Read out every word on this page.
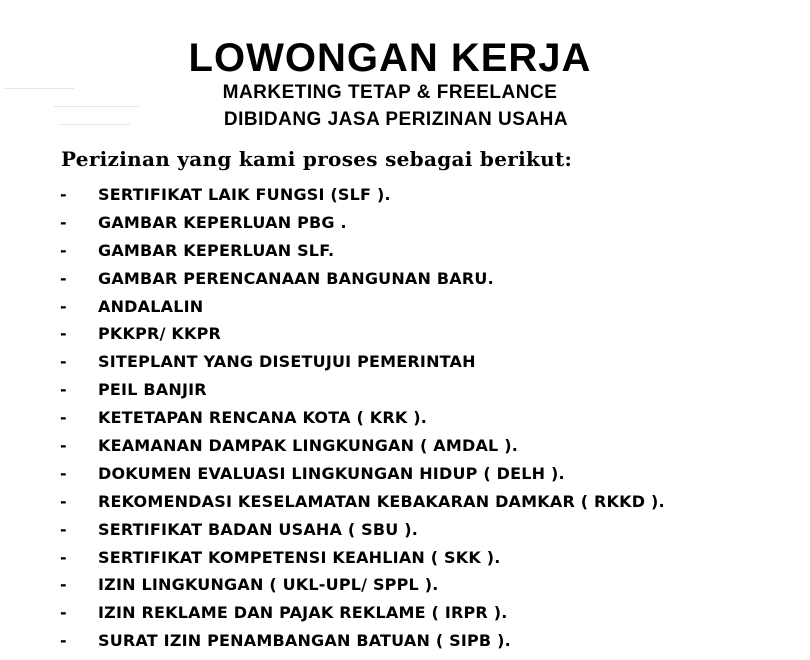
LOWONGAN KERJA
MARKETING TETAP & FREELANCE
DIBIDANG JASA PERIZINAN USAHA
Perizinan yang kami proses sebagai berikut:
- SERTIFIKAT LAIK FUNGSI (SLF ).
- GAMBAR KEPERLUAN PBG .
- GAMBAR KEPERLUAN SLF.
- GAMBAR PERENCANAAN BANGUNAN BARU.
- ANDALALIN
- PKKPR/ KKPR
- SITEPLANT YANG DISETUJUI PEMERINTAH
- PEIL BANJIR
- KETETAPAN RENCANA KOTA ( KRK ).
- KEAMANAN DAMPAK LINGKUNGAN ( AMDAL ).
- DOKUMEN EVALUASI LINGKUNGAN HIDUP ( DELH ).
- REKOMENDASI KESELAMATAN KEBAKARAN DAMKAR ( RKKD ).
- SERTIFIKAT BADAN USAHA ( SBU ).
- SERTIFIKAT KOMPETENSI KEAHLIAN ( SKK ).
- IZIN LINGKUNGAN ( UKL-UPL/ SPPL ).
- IZIN REKLAME DAN PAJAK REKLAME ( IRPR ).
- SURAT IZIN PENAMBANGAN BATUAN ( SIPB ).
